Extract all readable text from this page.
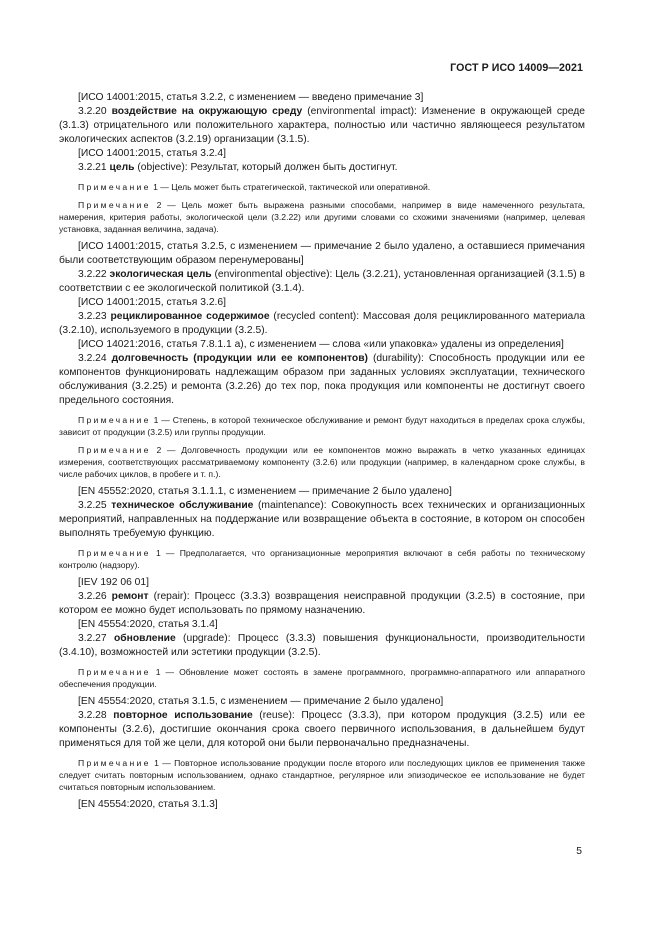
ГОСТ Р ИСО 14009—2021

[ИСО 14001:2015, статья 3.2.2, с изменением — введено примечание 3]

3.2.20 воздействие на окружающую среду (environmental impact): Изменение в окружающей среде (3.1.3) отрицательного или положительного характера, полностью или частично являющееся результатом экологических аспектов (3.2.19) организации (3.1.5).

[ИСО 14001:2015, статья 3.2.4]

3.2.21 цель (objective): Результат, который должен быть достигнут.

Примечание 1 — Цель может быть стратегической, тактической или оперативной.

Примечание 2 — Цель может быть выражена разными способами, например в виде намеченного результата, намерения, критерия работы, экологической цели (3.2.22) или другими словами со схожими значениями (например, целевая установка, заданная величина, задача).

[ИСО 14001:2015, статья 3.2.5, с изменением — примечание 2 было удалено, а оставшиеся примечания были соответствующим образом перенумерованы]

3.2.22 экологическая цель (environmental objective): Цель (3.2.21), установленная организацией (3.1.5) в соответствии с ее экологической политикой (3.1.4).

[ИСО 14001:2015, статья 3.2.6]

3.2.23 рециклированное содержимое (recycled content): Массовая доля рециклированного материала (3.2.10), используемого в продукции (3.2.5).

[ИСО 14021:2016, статья 7.8.1.1 а), с изменением — слова «или упаковка» удалены из определения]

3.2.24 долговечность (продукции или ее компонентов) (durability): Способность продукции или ее компонентов функционировать надлежащим образом при заданных условиях эксплуатации, технического обслуживания (3.2.25) и ремонта (3.2.26) до тех пор, пока продукция или компоненты не достигнут своего предельного состояния.

Примечание 1 — Степень, в которой техническое обслуживание и ремонт будут находиться в пределах срока службы, зависит от продукции (3.2.5) или группы продукции.

Примечание 2 — Долговечность продукции или ее компонентов можно выражать в четко указанных единицах измерения, соответствующих рассматриваемому компоненту (3.2.6) или продукции (например, в календарном сроке службы, в числе рабочих циклов, в пробеге и т. п.).

[EN 45552:2020, статья 3.1.1.1, с изменением — примечание 2 было удалено]

3.2.25 техническое обслуживание (maintenance): Совокупность всех технических и организационных мероприятий, направленных на поддержание или возвращение объекта в состояние, в котором он способен выполнять требуемую функцию.

Примечание 1 — Предполагается, что организационные мероприятия включают в себя работы по техническому контролю (надзору).

[IEV 192 06 01]

3.2.26 ремонт (repair): Процесс (3.3.3) возвращения неисправной продукции (3.2.5) в состояние, при котором ее можно будет использовать по прямому назначению.

[EN 45554:2020, статья 3.1.4]

3.2.27 обновление (upgrade): Процесс (3.3.3) повышения функциональности, производительности (3.4.10), возможностей или эстетики продукции (3.2.5).

Примечание 1 — Обновление может состоять в замене программного, программно-аппаратного или аппаратного обеспечения продукции.

[EN 45554:2020, статья 3.1.5, с изменением — примечание 2 было удалено]

3.2.28 повторное использование (reuse): Процесс (3.3.3), при котором продукция (3.2.5) или ее компоненты (3.2.6), достигшие окончания срока своего первичного использования, в дальнейшем будут применяться для той же цели, для которой они были первоначально предназначены.

Примечание 1 — Повторное использование продукции после второго или последующих циклов ее применения также следует считать повторным использованием, однако стандартное, регулярное или эпизодическое ее использование не будет считаться повторным использованием.

[EN 45554:2020, статья 3.1.3]

5
